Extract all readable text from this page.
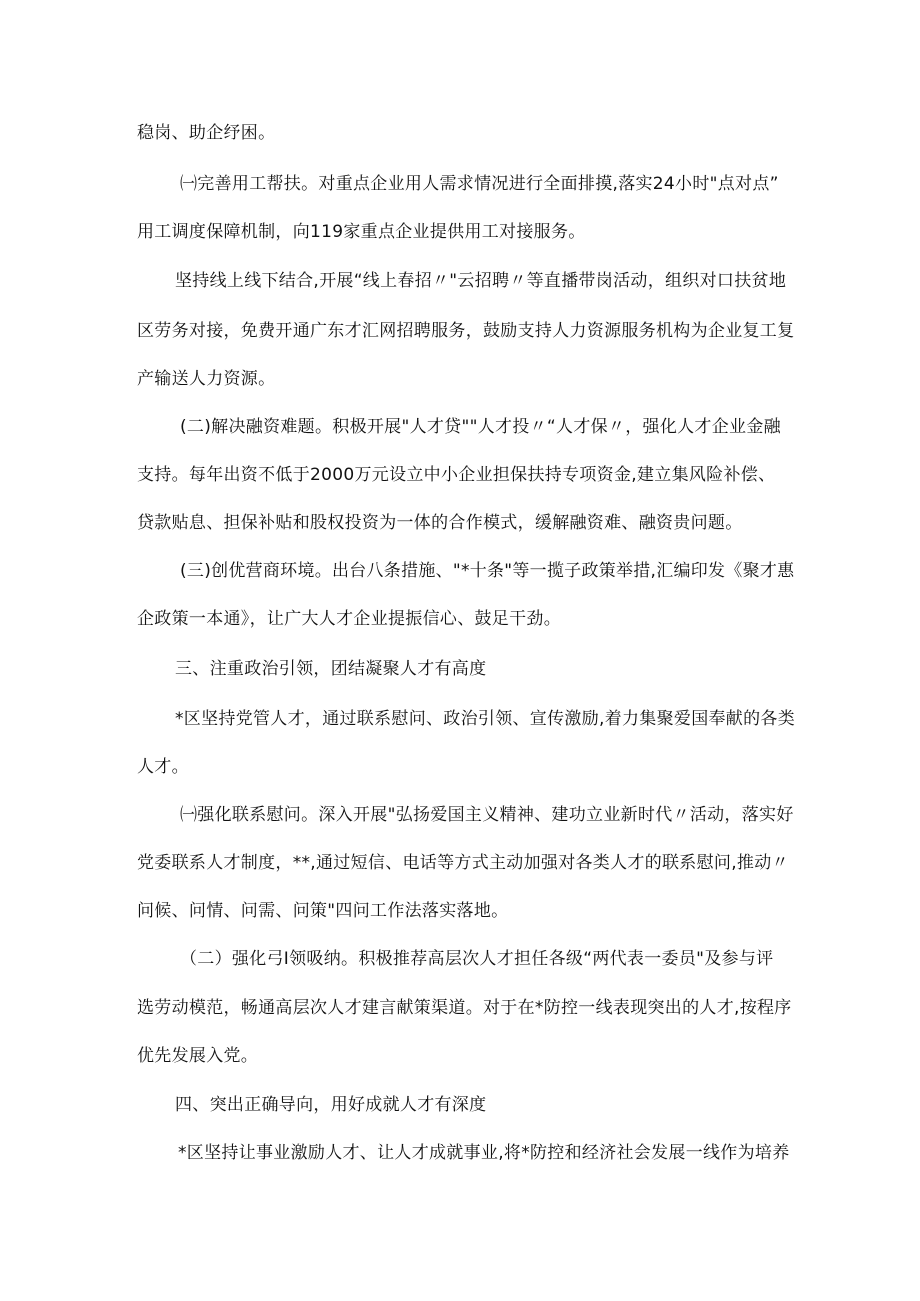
稳岗、助企纾困。
㈠完善用工帮扶。对重点企业用人需求情况进行全面排摸,落实24小时"点对点”
用工调度保障机制，向119家重点企业提供用工对接服务。
坚持线上线下结合,开展“线上春招〃"云招聘〃等直播带岗活动，组织对口扶贫地
区劳务对接，免费开通广东才汇网招聘服务，鼓励支持人力资源服务机构为企业复工复
产输送人力资源。
(二)解决融资难题。积极开展"人才贷""人才投〃“人才保〃，强化人才企业金融
支持。每年出资不低于2000万元设立中小企业担保扶持专项资金,建立集风险补偿、
贷款贴息、担保补贴和股权投资为一体的合作模式，缓解融资难、融资贵问题。
(三)创优营商环境。出台八条措施、"*十条"等一揽子政策举措,汇编印发《聚才惠
企政策一本通》，让广大人才企业提振信心、鼓足干劲。
三、注重政治引领，团结凝聚人才有高度
*区坚持党管人才，通过联系慰问、政治引领、宣传激励,着力集聚爱国奉献的各类
人才。
㈠强化联系慰问。深入开展"弘扬爱国主义精神、建功立业新时代〃活动，落实好
党委联系人才制度，**,通过短信、电话等方式主动加强对各类人才的联系慰问,推动〃
问候、问情、问需、问策"四问工作法落实落地。
（二）强化弓I领吸纳。积极推荐高层次人才担任各级“两代表一委员"及参与评
选劳动模范，畅通高层次人才建言献策渠道。对于在*防控一线表现突出的人才,按程序
优先发展入党。
四、突出正确导向，用好成就人才有深度
*区坚持让事业激励人才、让人才成就事业,将*防控和经济社会发展一线作为培养
